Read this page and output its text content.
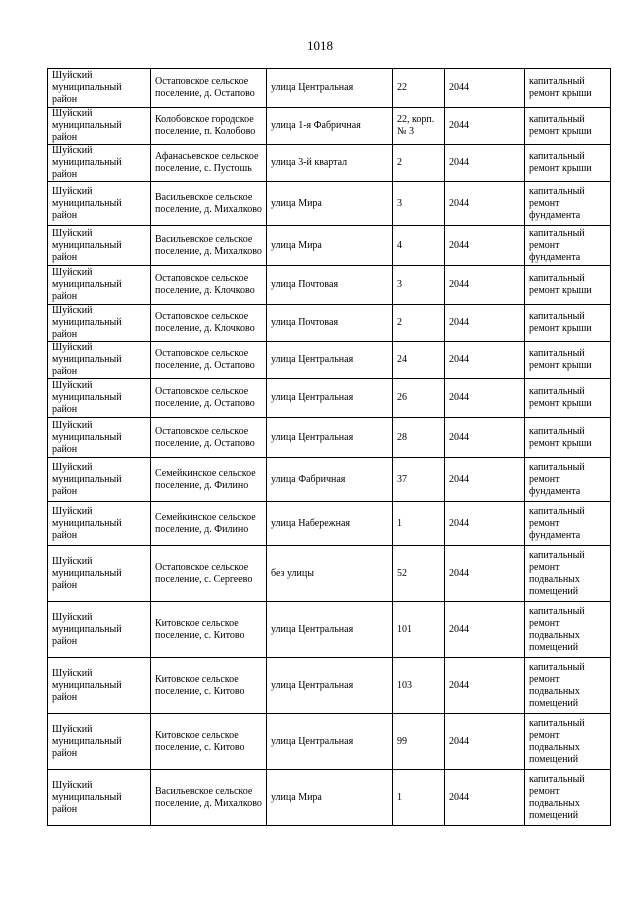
1018
Шуйский муниципальный район	Остаповское сельское поселение, д. Остапово	улица Центральная	22	2044	капитальный ремонт крыши
Шуйский муниципальный район	Колобовское городское поселение, п. Колобово	улица 1-я Фабричная	22, корп. № 3	2044	капитальный ремонт крыши
Шуйский муниципальный район	Афанасьевское сельское поселение, с. Пустошь	улица 3-й квартал	2	2044	капитальный ремонт крыши
Шуйский муниципальный район	Васильевское сельское поселение, д. Михалково	улица Мира	3	2044	капитальный ремонт фундамента
Шуйский муниципальный район	Васильевское сельское поселение, д. Михалково	улица Мира	4	2044	капитальный ремонт фундамента
Шуйский муниципальный район	Остаповское сельское поселение, д. Клочково	улица Почтовая	3	2044	капитальный ремонт крыши
Шуйский муниципальный район	Остаповское сельское поселение, д. Клочково	улица Почтовая	2	2044	капитальный ремонт крыши
Шуйский муниципальный район	Остаповское сельское поселение, д. Остапово	улица Центральная	24	2044	капитальный ремонт крыши
Шуйский муниципальный район	Остаповское сельское поселение, д. Остапово	улица Центральная	26	2044	капитальный ремонт крыши
Шуйский муниципальный район	Остаповское сельское поселение, д. Остапово	улица Центральная	28	2044	капитальный ремонт крыши
Шуйский муниципальный район	Семейкинское сельское поселение, д. Филино	улица Фабричная	37	2044	капитальный ремонт фундамента
Шуйский муниципальный район	Семейкинское сельское поселение, д. Филино	улица Набережная	1	2044	капитальный ремонт фундамента
Шуйский муниципальный район	Остаповское сельское поселение, с. Сергеево	без улицы	52	2044	капитальный ремонт подвальных помещений
Шуйский муниципальный район	Китовское сельское поселение, с. Китово	улица Центральная	101	2044	капитальный ремонт подвальных помещений
Шуйский муниципальный район	Китовское сельское поселение, с. Китово	улица Центральная	103	2044	капитальный ремонт подвальных помещений
Шуйский муниципальный район	Китовское сельское поселение, с. Китово	улица Центральная	99	2044	капитальный ремонт подвальных помещений
Шуйский муниципальный район	Васильевское сельское поселение, д. Михалково	улица Мира	1	2044	капитальный ремонт подвальных помещений
